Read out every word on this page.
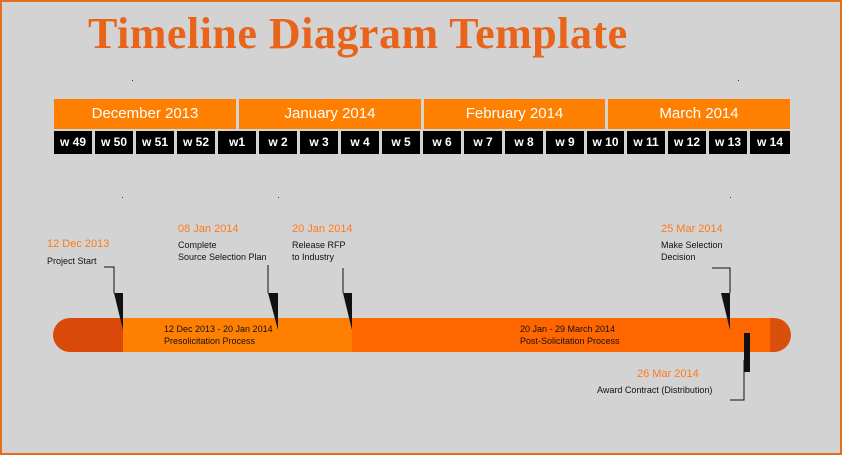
Timeline Diagram Template
December 2013	January 2014	February 2014	March 2014
w 49	w 50	w 51	w 52	w1	w 2	w 3	w 4	w 5	w 6	w 7	w 8	w 9	w 10	w 11	w 12	w 13	w 14
12 Dec 2013
Project Start
08 Jan 2014
Complete
Source Selection Plan
20 Jan 2014
Release RFP
to Industry
25 Mar 2014
Make Selection
Decision
26 Mar 2014
Award Contract (Distribution)
12 Dec 2013 - 20 Jan 2014
Presolicitation Process
20 Jan - 29 March 2014
Post-Solicitation Process
